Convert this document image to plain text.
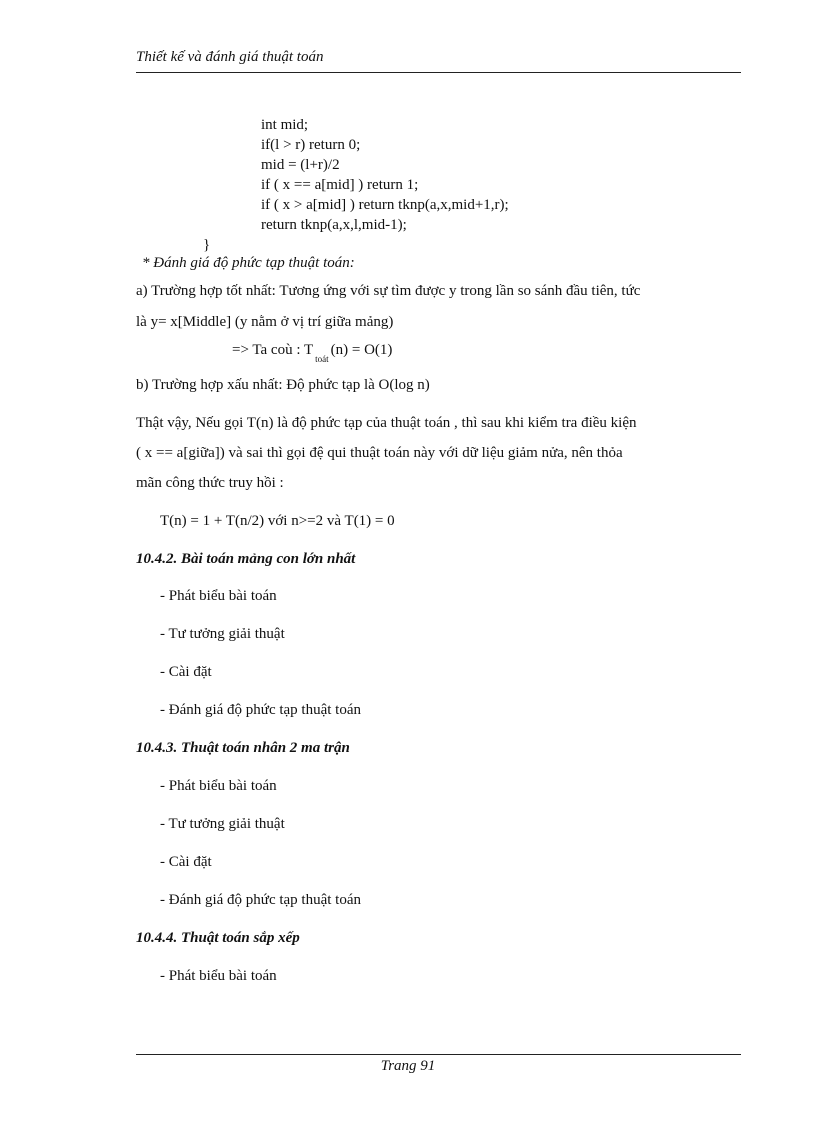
Thiết kế và đánh giá thuật toán
int mid;
if(l > r) return 0;
mid = (l+r)/2
if ( x == a[mid] ) return 1;
if ( x > a[mid] ) return tknp(a,x,mid+1,r);
return tknp(a,x,l,mid-1);
}
* Đánh giá độ phức tạp thuật toán:
a) Trường hợp tốt nhất: Tương ứng với sự tìm được y trong lần so sánh đầu tiên, tức
là y= x[Middle] (y nằm ở vị trí giữa mảng)
=> Ta coù : $T_{toát}(n) = O(1)$
b) Trường hợp xấu nhất: Độ phức tạp là O(log n)
Thật vậy, Nếu gọi T(n) là độ phức tạp của thuật toán , thì sau khi kiểm tra điều kiện
( x == a[giữa]) và sai thì gọi đệ qui thuật toán này với dữ liệu giảm nửa, nên thỏa
mãn công thức truy hồi :
T(n) = 1 + T(n/2) với n>=2 và T(1) = 0
10.4.2. Bài toán mảng con lớn nhất
- Phát biểu bài toán
- Tư tưởng giải thuật
- Cài đặt
- Đánh giá độ phức tạp thuật toán
10.4.3. Thuật toán nhân 2 ma trận
- Phát biểu bài toán
- Tư tưởng giải thuật
- Cài đặt
- Đánh giá độ phức tạp thuật toán
10.4.4. Thuật toán sắp xếp
- Phát biểu bài toán
Trang 91
